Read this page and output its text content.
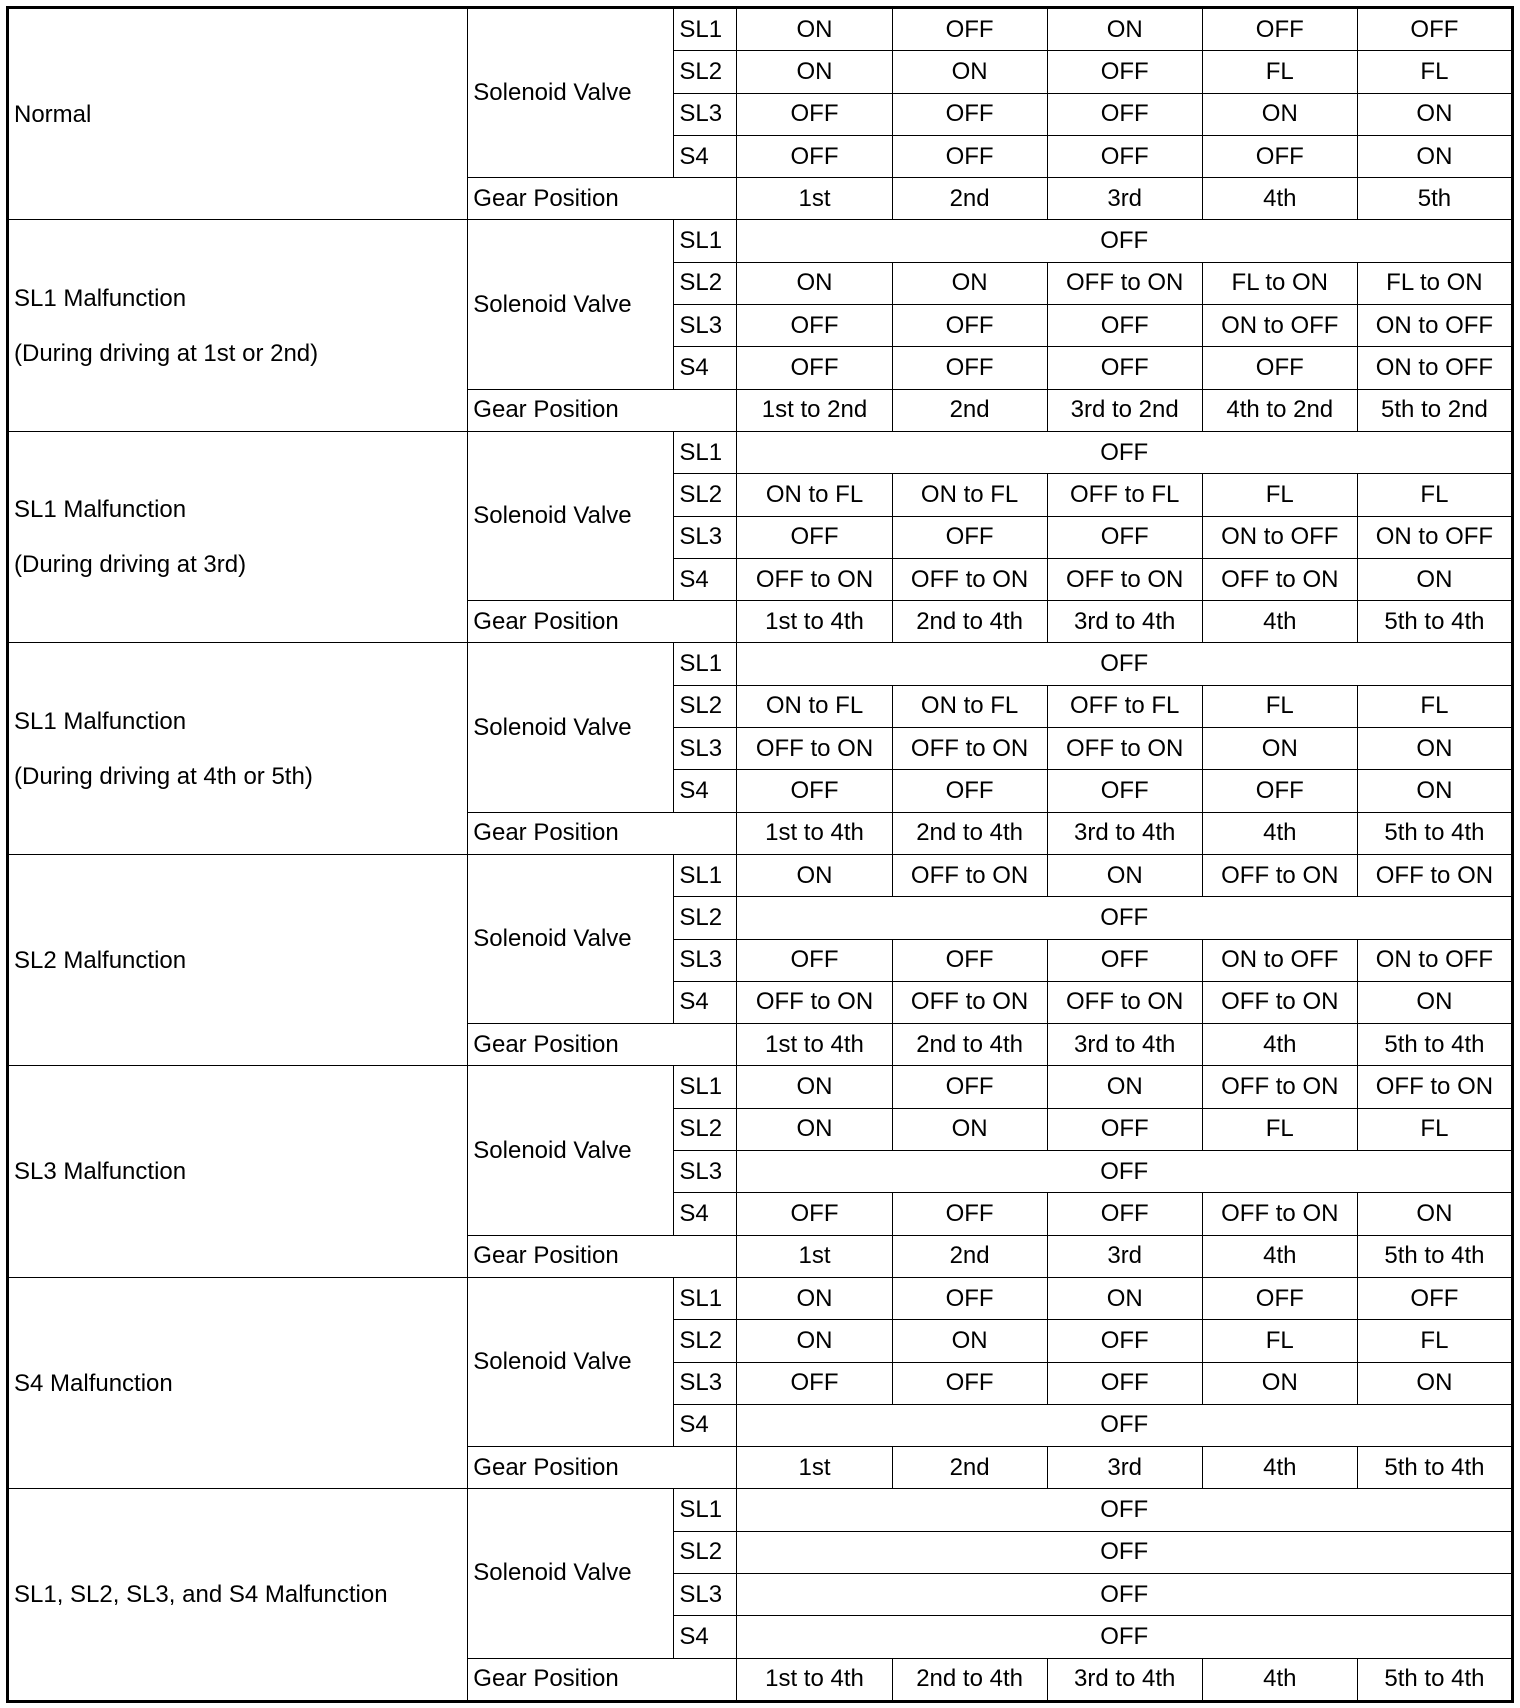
Normal	Solenoid Valve	SL1	ON	OFF	ON	OFF	OFF
		SL2	ON	ON	OFF	FL	FL
		SL3	OFF	OFF	OFF	ON	ON
		S4	OFF	OFF	OFF	OFF	ON
	Gear Position		1st	2nd	3rd	4th	5th

SL1 Malfunction
(During driving at 1st or 2nd)	Solenoid Valve	SL1	OFF				
		SL2	ON	ON	OFF to ON	FL to ON	FL to ON
		SL3	OFF	OFF	OFF	ON to OFF	ON to OFF
		S4	OFF	OFF	OFF	OFF	ON to OFF
	Gear Position		1st to 2nd	2nd	3rd to 2nd	4th to 2nd	5th to 2nd

SL1 Malfunction
(During driving at 3rd)	Solenoid Valve	SL1	OFF				
		SL2	ON to FL	ON to FL	OFF to FL	FL	FL
		SL3	OFF	OFF	OFF	ON to OFF	ON to OFF
		S4	OFF to ON	OFF to ON	OFF to ON	OFF to ON	ON
	Gear Position		1st to 4th	2nd to 4th	3rd to 4th	4th	5th to 4th

SL1 Malfunction
(During driving at 4th or 5th)	Solenoid Valve	SL1	OFF				
		SL2	ON to FL	ON to FL	OFF to FL	FL	FL
		SL3	OFF to ON	OFF to ON	OFF to ON	ON	ON
		S4	OFF	OFF	OFF	OFF	ON
	Gear Position		1st to 4th	2nd to 4th	3rd to 4th	4th	5th to 4th

SL2 Malfunction	Solenoid Valve	SL1	ON	OFF to ON	ON	OFF to ON	OFF to ON
		SL2	OFF				
		SL3	OFF	OFF	OFF	ON to OFF	ON to OFF
		S4	OFF to ON	OFF to ON	OFF to ON	OFF to ON	ON
	Gear Position		1st to 4th	2nd to 4th	3rd to 4th	4th	5th to 4th

SL3 Malfunction	Solenoid Valve	SL1	ON	OFF	ON	OFF to ON	OFF to ON
		SL2	ON	ON	OFF	FL	FL
		SL3	OFF				
		S4	OFF	OFF	OFF	OFF to ON	ON
	Gear Position		1st	2nd	3rd	4th	5th to 4th

S4 Malfunction	Solenoid Valve	SL1	ON	OFF	ON	OFF	OFF
		SL2	ON	ON	OFF	FL	FL
		SL3	OFF	OFF	OFF	ON	ON
		S4	OFF				
	Gear Position		1st	2nd	3rd	4th	5th to 4th

SL1, SL2, SL3, and S4 Malfunction	Solenoid Valve	SL1	OFF				
		SL2	OFF				
		SL3	OFF				
		S4	OFF				
	Gear Position		1st to 4th	2nd to 4th	3rd to 4th	4th	5th to 4th
